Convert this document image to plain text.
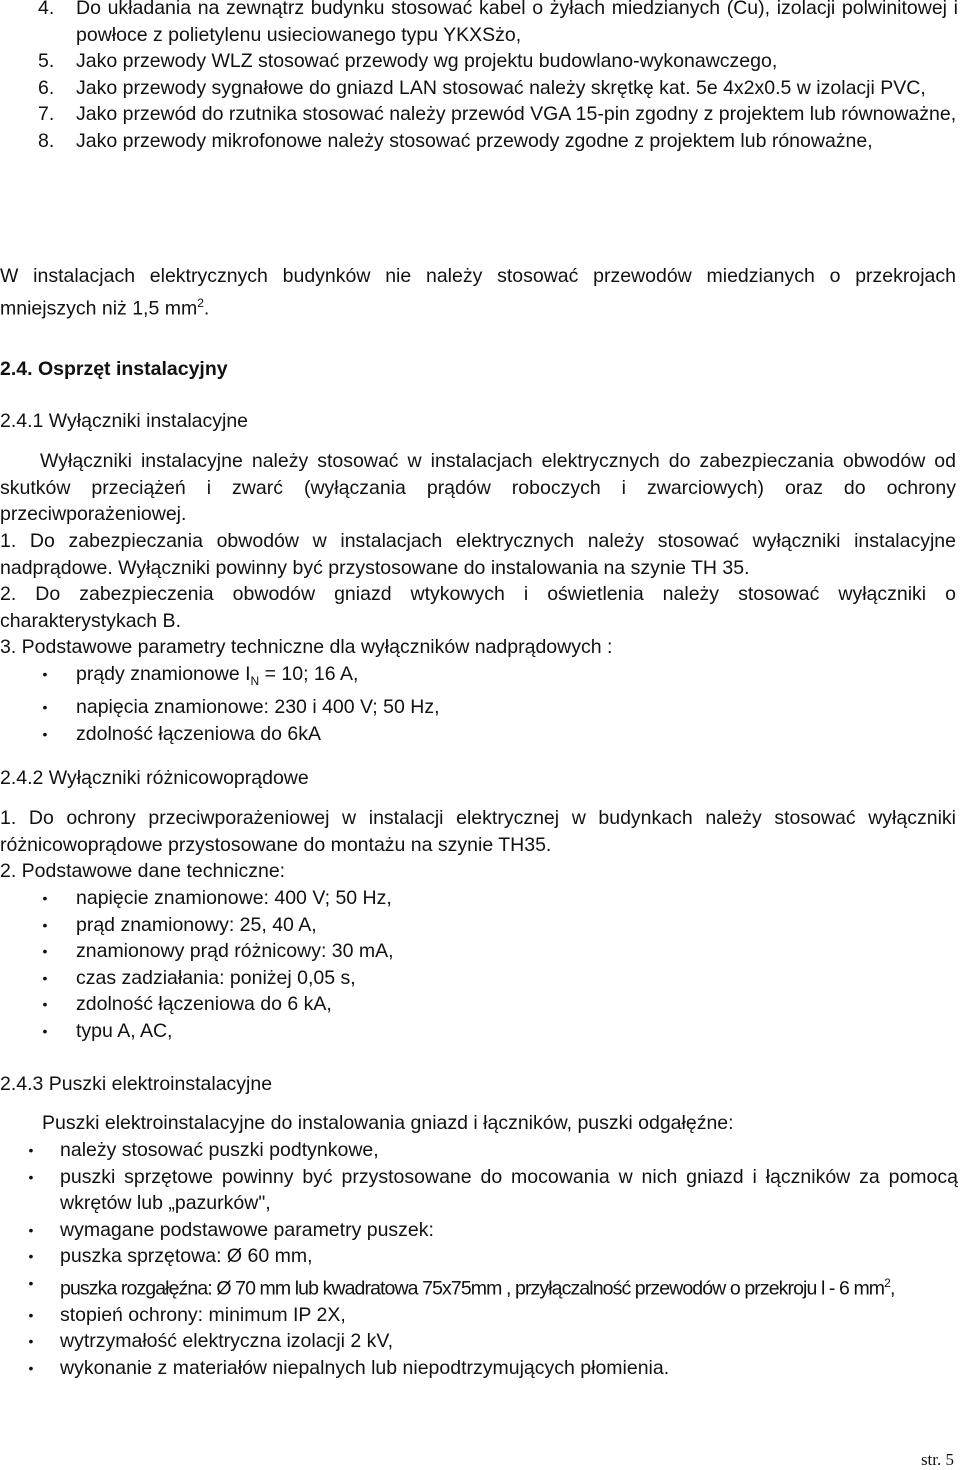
4.	Do układania na zewnątrz budynku stosować kabel o żyłach miedzianych (Cu), izolacji polwinitowej i powłoce z polietylenu usieciowanego typu YKXSżo,
5.	Jako przewody WLZ stosować przewody wg projektu budowlano-wykonawczego,
6.	Jako przewody sygnałowe do gniazd LAN stosować należy skrętkę kat. 5e 4x2x0.5 w izolacji PVC,
7.	Jako przewód do rzutnika stosować należy przewód VGA 15-pin zgodny z projektem lub równoważne,
8.	Jako przewody mikrofonowe należy stosować przewody zgodne z projektem lub rónoważne,
W instalacjach elektrycznych budynków nie należy stosować przewodów miedzianych o przekrojach mniejszych niż 1,5 $mm^2$.
2.4. Osprzęt instalacyjny
2.4.1 Wyłączniki instalacyjne
Wyłączniki instalacyjne należy stosować w instalacjach elektrycznych do zabezpieczania obwodów od skutków przeciążeń i zwarć (wyłączania prądów roboczych i zwarciowych) oraz do ochrony przeciwporażeniowej.
1. Do zabezpieczania obwodów w instalacjach elektrycznych należy stosować wyłączniki instalacyjne nadprądowe. Wyłączniki powinny być przystosowane do instalowania na szynie TH 35.
2. Do zabezpieczenia obwodów gniazd wtykowych i oświetlenia należy stosować wyłączniki o charakterystykach B.
3. Podstawowe parametry techniczne dla wyłączników nadprądowych :
•	prądy znamionowe $I_N = 10$; 16 A,
•	napięcia znamionowe: 230 i 400 V; 50 Hz,
•	zdolność łączeniowa do 6kA
2.4.2 Wyłączniki różnicowoprądowe
1. Do ochrony przeciwporażeniowej w instalacji elektrycznej w budynkach należy stosować wyłączniki różnicowoprądowe przystosowane do montażu na szynie TH35.
2. Podstawowe dane techniczne:
•	napięcie znamionowe: 400 V; 50 Hz,
•	prąd znamionowy: 25, 40 A,
•	znamionowy prąd różnicowy: 30 mA,
•	czas zadziałania: poniżej 0,05 s,
•	zdolność łączeniowa do 6 kA,
•	typu A, AC,
2.4.3 Puszki elektroinstalacyjne
Puszki elektroinstalacyjne do instalowania gniazd i łączników, puszki odgałęźne:
•	należy stosować puszki podtynkowe,
•	puszki sprzętowe powinny być przystosowane do mocowania w nich gniazd i łączników za pomocą wkrętów lub „pazurków",
•	wymagane podstawowe parametry puszek:
•	puszka sprzętowa: Ø 60 mm,
•	puszka rozgałęźna: Ø 70 mm lub kwadratowa 75x75mm , przyłączalność przewodów o przekroju l - 6 $mm^2$,
•	stopień ochrony: minimum IP 2X,
•	wytrzymałość elektryczna izolacji 2 kV,
•	wykonanie z materiałów niepalnych lub niepodtrzymujących płomienia.
str. 5
